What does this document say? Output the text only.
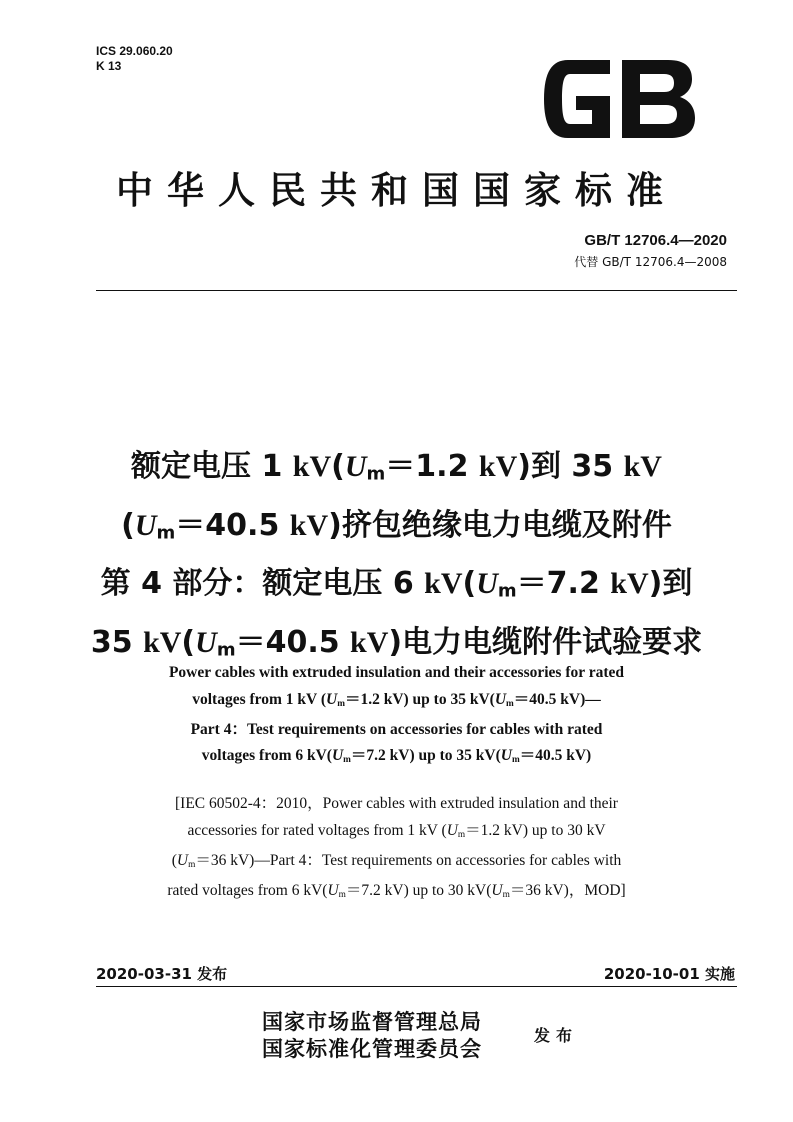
ICS 29.060.20
K 13
中华人民共和国国家标准
GB/T 12706.4—2020
代替 GB/T 12706.4—2008
额定电压 1 $kV(U_m=1.2$ kV)到 35 kV
($U_m=40.5$ kV)挤包绝缘电力电缆及附件
第 4 部分：额定电压 6 $kV(U_m=7.2$ kV)到
35 $kV(U_m=40.5$ kV)电力电缆附件试验要求
Power cables with extruded insulation and their accessories for rated
voltages from 1 kV (Um＝1.2 kV) up to 35 kV(Um＝40.5 kV)—
Part 4：Test requirements on accessories for cables with rated
voltages from 6 kV(Um＝7.2 kV) up to 35 kV(Um＝40.5 kV)
[IEC 60502-4：2010，Power cables with extruded insulation and their
accessories for rated voltages from 1 kV (Um＝1.2 kV) up to 30 kV
(Um＝36 kV)—Part 4：Test requirements on accessories for cables with
rated voltages from 6 kV(Um＝7.2 kV) up to 30 kV(Um＝36 kV)，MOD]
2020-03-31 发布	2020-10-01 实施
国家市场监督管理总局
国家标准化管理委员会
发布
